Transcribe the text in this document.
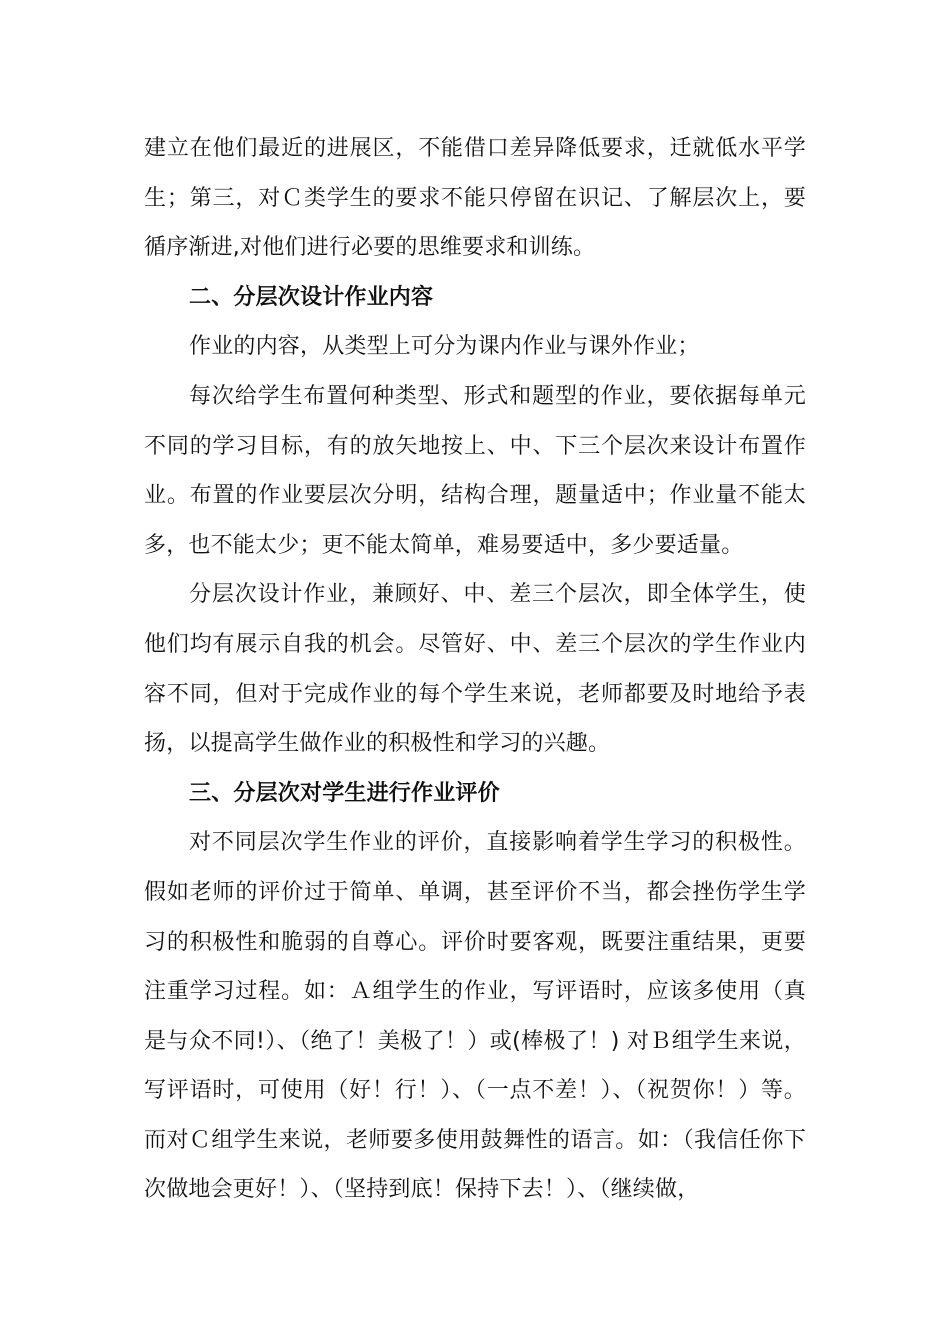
建立在他们最近的进展区，不能借口差异降低要求，迁就低水平学生；第三，对Ｃ类学生的要求不能只停留在识记、了解层次上，要循序渐进,对他们进行必要的思维要求和训练。

二、分层次设计作业内容

作业的内容，从类型上可分为课内作业与课外作业；

每次给学生布置何种类型、形式和题型的作业，要依据每单元不同的学习目标，有的放矢地按上、中、下三个层次来设计布置作业。布置的作业要层次分明，结构合理，题量适中；作业量不能太多，也不能太少；更不能太简单，难易要适中，多少要适量。

分层次设计作业，兼顾好、中、差三个层次，即全体学生，使他们均有展示自我的机会。尽管好、中、差三个层次的学生作业内容不同，但对于完成作业的每个学生来说，老师都要及时地给予表扬，以提高学生做作业的积极性和学习的兴趣。

三、分层次对学生进行作业评价

对不同层次学生作业的评价，直接影响着学生学习的积极性。假如老师的评价过于简单、单调，甚至评价不当，都会挫伤学生学习的积极性和脆弱的自尊心。评价时要客观，既要注重结果，更要注重学习过程。如：Ａ组学生的作业，写评语时，应该多使用（真是与众不同!）、（绝了！美极了！）或(棒极了！) 对Ｂ组学生来说，写评语时，可使用（好！行！）、（一点不差！）、（祝贺你！）等。而对Ｃ组学生来说，老师要多使用鼓舞性的语言。如：（我信任你下次做地会更好！）、（坚持到底！保持下去！）、（继续做，
